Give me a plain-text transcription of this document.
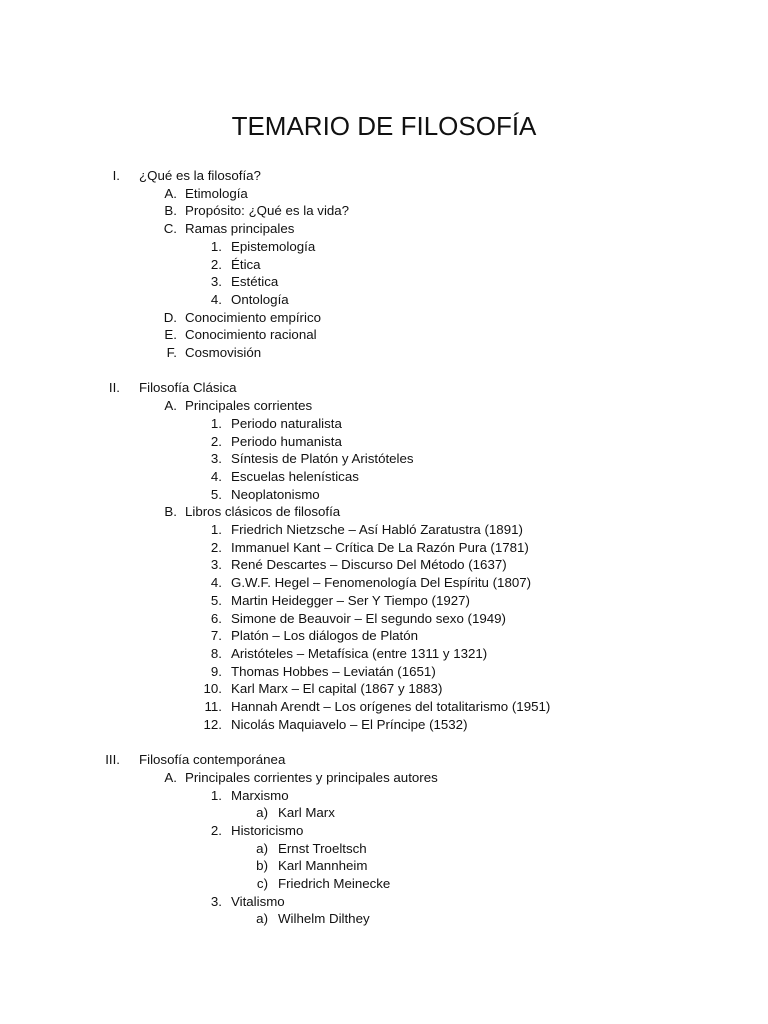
TEMARIO DE FILOSOFÍA
I. ¿Qué es la filosofía?
A. Etimología
B. Propósito: ¿Qué es la vida?
C. Ramas principales
1. Epistemología
2. Ética
3. Estética
4. Ontología
D. Conocimiento empírico
E. Conocimiento racional
F. Cosmovisión
II. Filosofía Clásica
A. Principales corrientes
1. Periodo naturalista
2. Periodo humanista
3. Síntesis de Platón y Aristóteles
4. Escuelas helenísticas
5. Neoplatonismo
B. Libros clásicos de filosofía
1. Friedrich Nietzsche – Así Habló Zaratustra (1891)
2. Immanuel Kant – Crítica De La Razón Pura (1781)
3. René Descartes – Discurso Del Método (1637)
4. G.W.F. Hegel – Fenomenología Del Espíritu (1807)
5. Martin Heidegger – Ser Y Tiempo (1927)
6. Simone de Beauvoir – El segundo sexo (1949)
7. Platón – Los diálogos de Platón
8. Aristóteles – Metafísica (entre 1311 y 1321)
9. Thomas Hobbes – Leviatán (1651)
10. Karl Marx – El capital (1867 y 1883)
11. Hannah Arendt – Los orígenes del totalitarismo (1951)
12. Nicolás Maquiavelo – El Príncipe (1532)
III. Filosofía contemporánea
A. Principales corrientes y principales autores
1. Marxismo
a) Karl Marx
2. Historicismo
a) Ernst Troeltsch
b) Karl Mannheim
c) Friedrich Meinecke
3. Vitalismo
a) Wilhelm Dilthey
